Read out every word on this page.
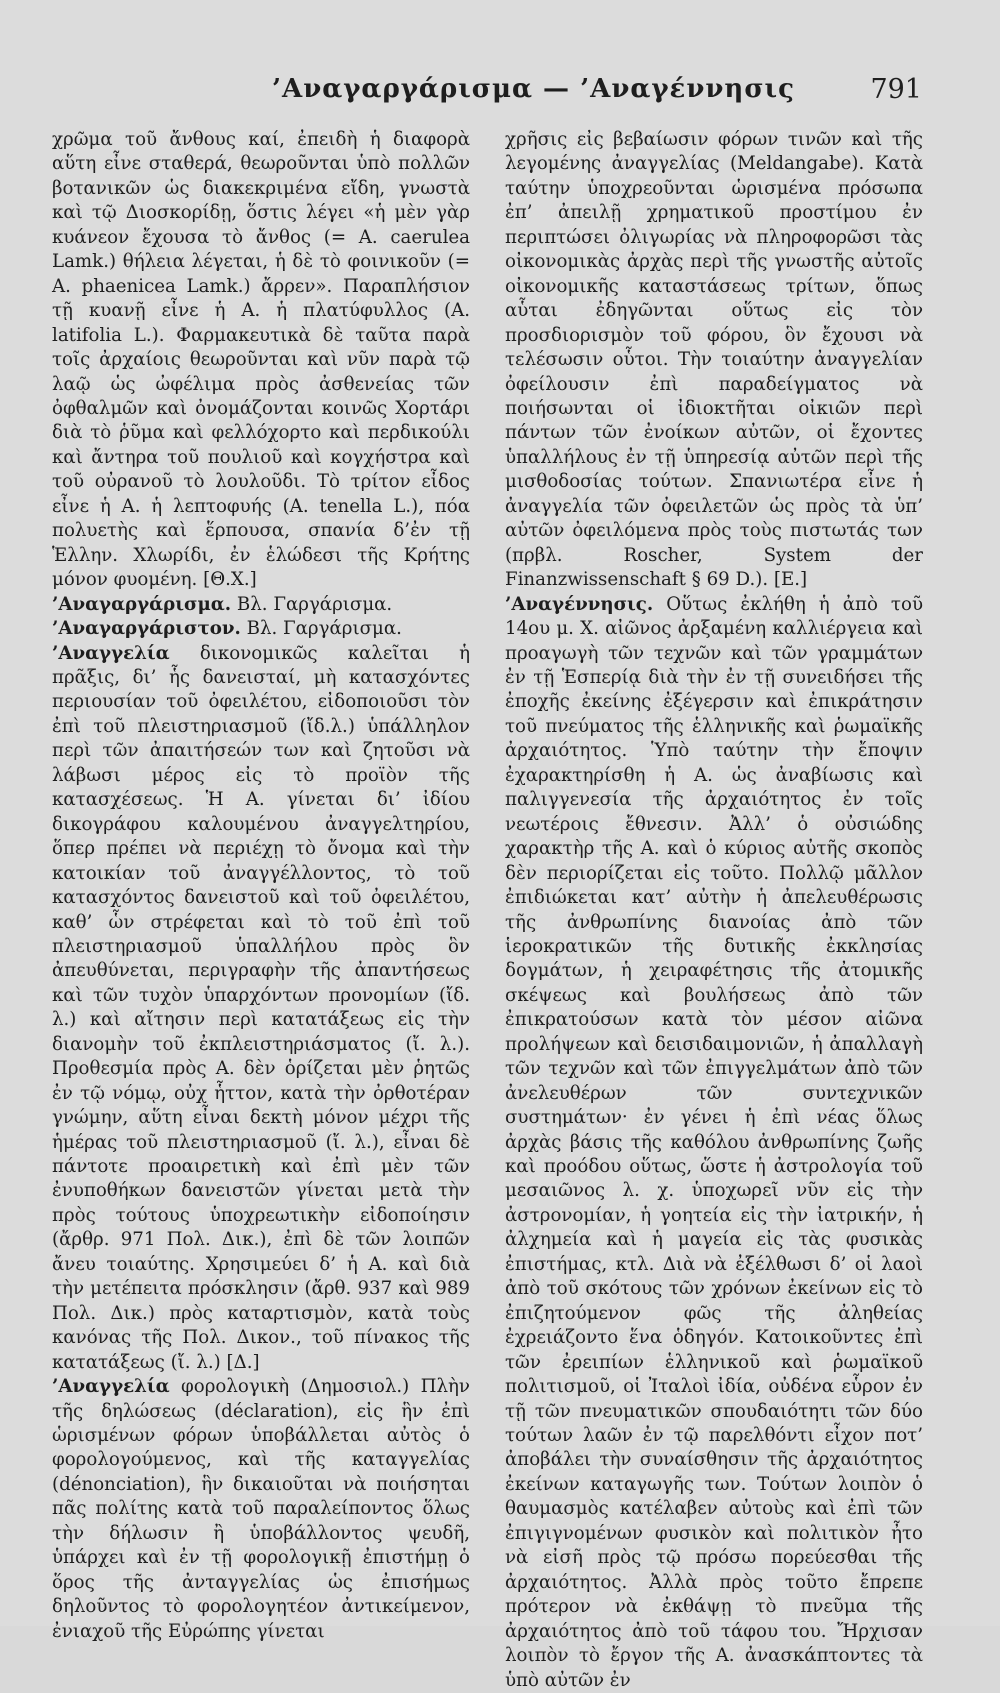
’Αναγαργάρισμα — ’Αναγέννησις	791

χρῶμα τοῦ ἄνθους καί, ἐπειδὴ ἡ διαφορὰ αὕτη εἶνε σταθερά, θεωροῦνται ὑπὸ πολλῶν βοτανικῶν ὡς διακεκριμένα εἴδη, γνωστὰ καὶ τῷ Διοσκορίδῃ, ὅστις λέγει «ἡ μὲν γὰρ κυάνεον ἔχουσα τὸ ἄνθος (= Α. caerulea Lamk.) θήλεια λέγεται, ἡ δὲ τὸ φοινικοῦν (= Α. phaenicea Lamk.) ἄρρεν». Παραπλήσιον τῇ κυανῇ εἶνε ἡ Α. ἡ πλατύφυλλος (Α. latifolia L.). Φαρμακευτικὰ δὲ ταῦτα παρὰ τοῖς ἀρχαίοις θεωροῦνται καὶ νῦν παρὰ τῷ λαῷ ὡς ὠφέλιμα πρὸς ἀσθενείας τῶν ὀφθαλμῶν καὶ ὀνομάζονται κοινῶς Χορτάρι διὰ τὸ ῥῦμα καὶ φελλόχορτο καὶ περδικούλι καὶ ἄντηρα τοῦ πουλιοῦ καὶ κογχήστρα καὶ τοῦ οὐρανοῦ τὸ λουλοῦδι. Τὸ τρίτον εἶδος εἶνε ἡ Α. ἡ λεπτοφυής (Α. tenella L.), πόα πολυετὴς καὶ ἕρπουσα, σπανία δ’ἐν τῇ Ἑλλην. Χλωρίδι, ἐν ἑλώδεσι τῆς Κρήτης μόνον φυομένη. [Θ.Χ.]

’Αναγαργάρισμα. Βλ. Γαργάρισμα.

’Αναγαργάριστον. Βλ. Γαργάρισμα.

’Αναγγελία δικονομικῶς καλεῖται ἡ πρᾶξις, δι’ ἧς δανεισταί, μὴ κατασχόντες περιουσίαν τοῦ ὀφειλέτου, εἰδοποιοῦσι τὸν ἐπὶ τοῦ πλειστηριασμοῦ (ἴδ.λ.) ὑπάλληλον περὶ τῶν ἀπαιτήσεών των καὶ ζητοῦσι νὰ λάβωσι μέρος εἰς τὸ προϊὸν τῆς κατασχέσεως. Ἡ Α. γίνεται δι’ ἰδίου δικογράφου καλουμένου ἀναγγελτηρίου, ὅπερ πρέπει νὰ περιέχῃ τὸ ὄνομα καὶ τὴν κατοικίαν τοῦ ἀναγγέλλοντος, τὸ τοῦ κατασχόντος δανειστοῦ καὶ τοῦ ὀφειλέτου, καθ’ ὧν στρέφεται καὶ τὸ τοῦ ἐπὶ τοῦ πλειστηριασμοῦ ὑπαλλήλου πρὸς ὃν ἀπευθύνεται, περιγραφὴν τῆς ἀπαντήσεως καὶ τῶν τυχὸν ὑπαρχόντων προνομίων (ἴδ. λ.) καὶ αἴτησιν περὶ κατατάξεως εἰς τὴν διανομὴν τοῦ ἐκπλειστηριάσματος (ἴ. λ.). Προθεσμία πρὸς Α. δὲν ὁρίζεται μὲν ῥητῶς ἐν τῷ νόμῳ, οὐχ ἧττον, κατὰ τὴν ὀρθοτέραν γνώμην, αὕτη εἶναι δεκτὴ μόνον μέχρι τῆς ἡμέρας τοῦ πλειστηριασμοῦ (ἴ. λ.), εἶναι δὲ πάντοτε προαιρετικὴ καὶ ἐπὶ μὲν τῶν ἐνυποθήκων δανειστῶν γίνεται μετὰ τὴν πρὸς τούτους ὑποχρεωτικὴν εἰδοποίησιν (ἄρθρ. 971 Πολ. Δικ.), ἐπὶ δὲ τῶν λοιπῶν ἄνευ τοιαύτης. Χρησιμεύει δ’ ἡ Α. καὶ διὰ τὴν μετέπειτα πρόσκλησιν (ἄρθ. 937 καὶ 989 Πολ. Δικ.) πρὸς καταρτισμὸν, κατὰ τοὺς κανόνας τῆς Πολ. Δικον., τοῦ πίνακος τῆς κατατάξεως (ἴ. λ.) [Δ.]

’Αναγγελία φορολογικὴ (Δημοσιολ.) Πλὴν τῆς δηλώσεως (déclaration), εἰς ἣν ἐπὶ ὡρισμένων φόρων ὑποβάλλεται αὐτὸς ὁ φορολογούμενος, καὶ τῆς καταγγελίας (dénonciation), ἣν δικαιοῦται νὰ ποιήσηται πᾶς πολίτης κατὰ τοῦ παραλείποντος ὅλως τὴν δήλωσιν ἢ ὑποβάλλοντος ψευδῆ, ὑπάρχει καὶ ἐν τῇ φορολογικῇ ἐπιστήμῃ ὁ ὅρος τῆς ἀνταγγελίας ὡς ἐπισήμως δηλοῦντος τὸ φορολογητέον ἀντικείμενον, ἐνιαχοῦ τῆς Εὐρώπης γίνεται

χρῆσις εἰς βεβαίωσιν φόρων τινῶν καὶ τῆς λεγομένης ἀναγγελίας (Meldangabe). Κατὰ ταύτην ὑποχρεοῦνται ὡρισμένα πρόσωπα ἐπ’ ἀπειλῇ χρηματικοῦ προστίμου ἐν περιπτώσει ὀλιγωρίας νὰ πληροφορῶσι τὰς οἰκονομικὰς ἀρχὰς περὶ τῆς γνωστῆς αὐτοῖς οἰκονομικῆς καταστάσεως τρίτων, ὅπως αὗται ἐδηγῶνται οὕτως εἰς τὸν προσδιορισμὸν τοῦ φόρου, ὃν ἔχουσι νὰ τελέσωσιν οὗτοι. Τὴν τοιαύτην ἀναγγελίαν ὀφείλουσιν ἐπὶ παραδείγματος νὰ ποιήσωνται οἱ ἰδιοκτῆται οἰκιῶν περὶ πάντων τῶν ἐνοίκων αὐτῶν, οἱ ἔχοντες ὑπαλλήλους ἐν τῇ ὑπηρεσίᾳ αὐτῶν περὶ τῆς μισθοδοσίας τούτων. Σπανιωτέρα εἶνε ἡ ἀναγγελία τῶν ὀφειλετῶν ὡς πρὸς τὰ ὑπ’ αὐτῶν ὀφειλόμενα πρὸς τοὺς πιστωτάς των (πρβλ. Roscher, System der Finanzwissenschaft § 69 D.). [Ε.]

’Αναγέννησις. Οὕτως ἐκλήθη ἡ ἀπὸ τοῦ 14ου μ. Χ. αἰῶνος ἀρξαμένη καλλιέργεια καὶ προαγωγὴ τῶν τεχνῶν καὶ τῶν γραμμάτων ἐν τῇ Ἑσπερίᾳ διὰ τὴν ἐν τῇ συνειδήσει τῆς ἐποχῆς ἐκείνης ἐξέγερσιν καὶ ἐπικράτησιν τοῦ πνεύματος τῆς ἑλληνικῆς καὶ ῥωμαϊκῆς ἀρχαιότητος. Ὑπὸ ταύτην τὴν ἔποψιν ἐχαρακτηρίσθη ἡ Α. ὡς ἀναβίωσις καὶ παλιγγενεσία τῆς ἀρχαιότητος ἐν τοῖς νεωτέροις ἔθνεσιν. Ἀλλ’ ὁ οὐσιώδης χαρακτὴρ τῆς Α. καὶ ὁ κύριος αὐτῆς σκοπὸς δὲν περιορίζεται εἰς τοῦτο. Πολλῷ μᾶλλον ἐπιδιώκεται κατ’ αὐτὴν ἡ ἀπελευθέρωσις τῆς ἀνθρωπίνης διανοίας ἀπὸ τῶν ἱεροκρατικῶν τῆς δυτικῆς ἐκκλησίας δογμάτων, ἡ χειραφέτησις τῆς ἀτομικῆς σκέψεως καὶ βουλήσεως ἀπὸ τῶν ἐπικρατούσων κατὰ τὸν μέσον αἰῶνα προλήψεων καὶ δεισιδαιμονιῶν, ἡ ἀπαλλαγὴ τῶν τεχνῶν καὶ τῶν ἐπιγγελμάτων ἀπὸ τῶν ἀνελευθέρων τῶν συντεχνικῶν συστημάτων· ἐν γένει ἡ ἐπὶ νέας ὅλως ἀρχὰς βάσις τῆς καθόλου ἀνθρωπίνης ζωῆς καὶ προόδου οὕτως, ὥστε ἡ ἀστρολογία τοῦ μεσαιῶνος λ. χ. ὑποχωρεῖ νῦν εἰς τὴν ἀστρονομίαν, ἡ γοητεία εἰς τὴν ἰατρικήν, ἡ ἀλχημεία καὶ ἡ μαγεία εἰς τὰς φυσικὰς ἐπιστήμας, κτλ. Διὰ νὰ ἐξέλθωσι δ’ οἱ λαοὶ ἀπὸ τοῦ σκότους τῶν χρόνων ἐκείνων εἰς τὸ ἐπιζητούμενον φῶς τῆς ἀληθείας ἐχρειάζοντο ἕνα ὁδηγόν. Κατοικοῦντες ἐπὶ τῶν ἐρειπίων ἑλληνικοῦ καὶ ῥωμαϊκοῦ πολιτισμοῦ, οἱ Ἰταλοὶ ἰδία, οὐδένα εὗρον ἐν τῇ τῶν πνευματικῶν σπουδαιότητι τῶν δύο τούτων λαῶν ἐν τῷ παρελθόντι εἶχον ποτ’ ἀποβάλει τὴν συναίσθησιν τῆς ἀρχαιότητος ἐκείνων καταγωγῆς των. Τούτων λοιπὸν ὁ θαυμασμὸς κατέλαβεν αὐτοὺς καὶ ἐπὶ τῶν ἐπιγιγνομένων φυσικὸν καὶ πολιτικὸν ἦτο νὰ εἰσῆ πρὸς τῷ πρόσω πορεύεσθαι τῆς ἀρχαιότητος. Ἀλλὰ πρὸς τοῦτο ἔπρεπε πρότερον νὰ ἐκθάψῃ τὸ πνεῦμα τῆς ἀρχαιότητος ἀπὸ τοῦ τάφου του. Ἤρχισαν λοιπὸν τὸ ἔργον τῆς Α. ἀνασκάπτοντες τὰ ὑπὸ αὐτῶν ἐν
